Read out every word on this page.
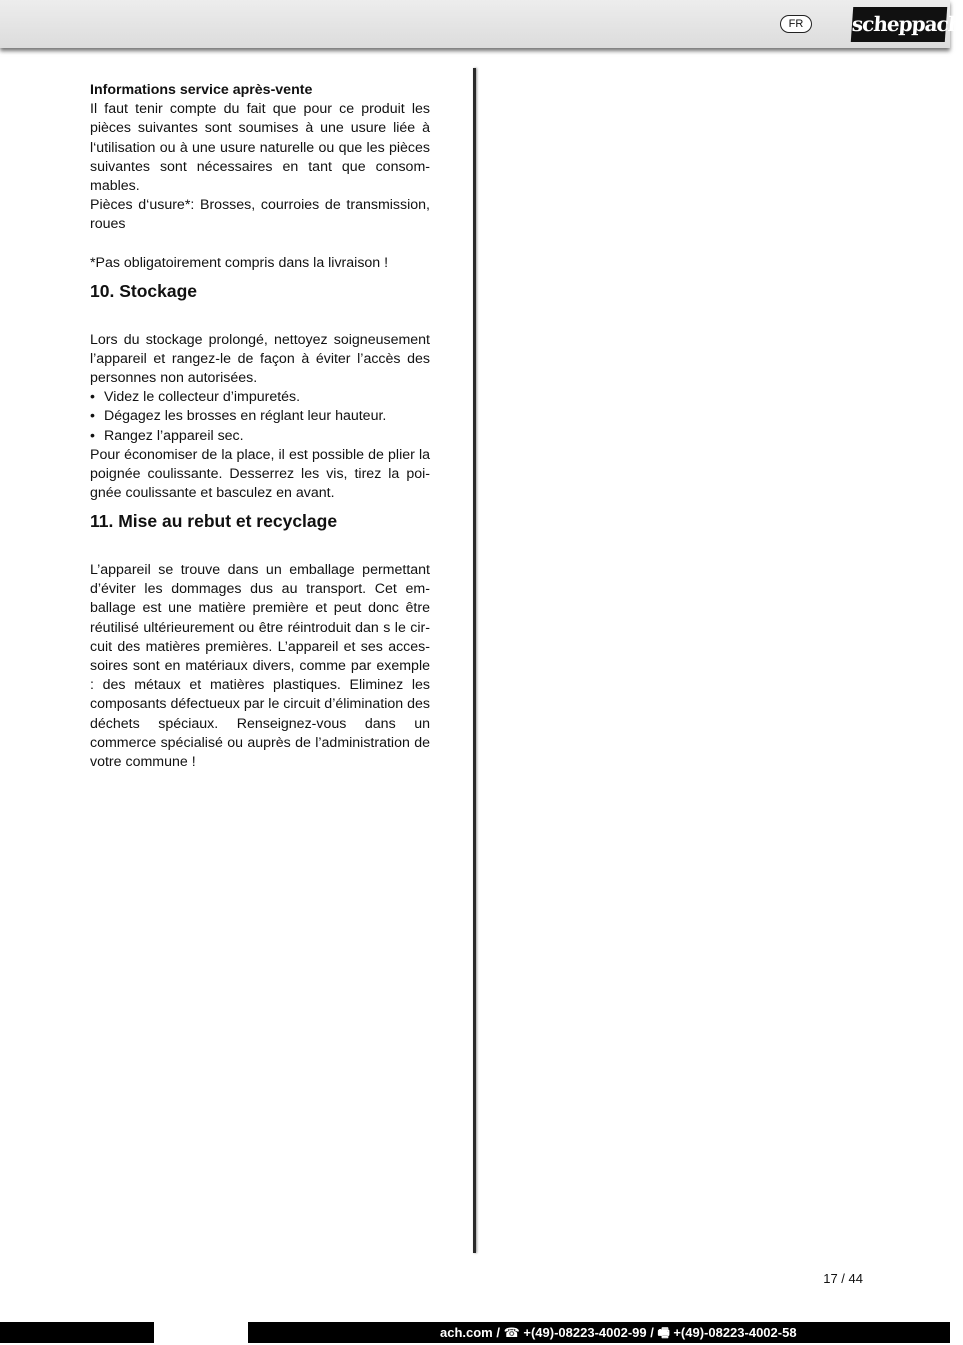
FR	scheppach

Informations service après-vente

Il faut tenir compte du fait que pour ce produit les pièces suivantes sont soumises à une usure liée à l‘utilisation ou à une usure naturelle ou que les pièces suivantes sont nécessaires en tant que consommables.

Pièces d‘usure*: Brosses, courroies de transmission, roues

*Pas obligatoirement compris dans la livraison !

10. Stockage

Lors du stockage prolongé, nettoyez soigneusement l’appareil et rangez-le de façon à éviter l’accès des personnes non autorisées.

• Videz le collecteur d’impuretés.
• Dégagez les brosses en réglant leur hauteur.
• Rangez l’appareil sec.

Pour économiser de la place, il est possible de plier la poignée coulissante. Desserrez les vis, tirez la poignée coulissante et basculez en avant.

11. Mise au rebut et recyclage

L’appareil se trouve dans un emballage permettant d’éviter les dommages dus au transport. Cet emballage est une matière première et peut donc être réutilisé ultérieurement ou être réintroduit dan s le circuit des matières premières. L’appareil et ses accessoires sont en matériaux divers, comme par exemple : des métaux et matières plastiques. Eliminez les composants défectueux par le circuit d’élimination des déchets spéciaux. Renseignez-vous dans un commerce spécialisé ou auprès de l’administration de votre commune !

17 / 44
ach.com / ☎ +(49)-08223-4002-99 / 🖷 +(49)-08223-4002-58
